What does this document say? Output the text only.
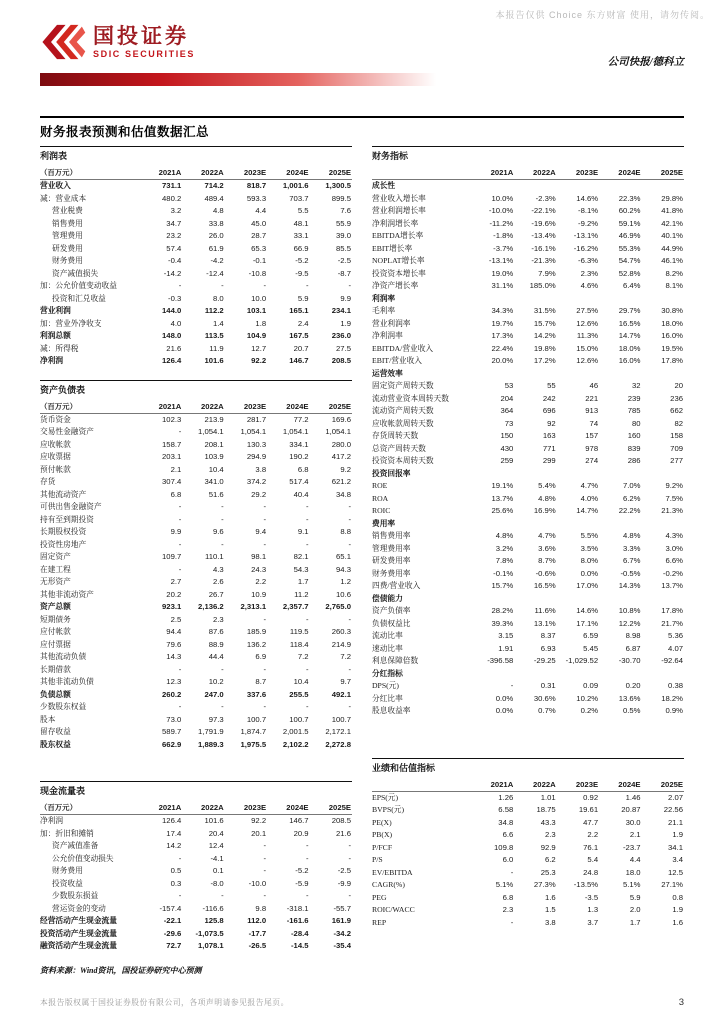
本报告仅供 Choice 东方财富 使用，请勿传阅。
国投证券
SDIC SECURITIES
公司快报/德科立
财务报表预测和估值数据汇总
利润表					
（百万元）	2021A	2022A	2023E	2024E	2025E
营业收入	731.1	714.2	818.7	1,001.6	1,300.5
减：营业成本	480.2	489.4	593.3	703.7	899.5
营业税费	3.2	4.8	4.4	5.5	7.6
销售费用	34.7	33.8	45.0	48.1	55.9
管理费用	23.2	26.0	28.7	33.1	39.0
研发费用	57.4	61.9	65.3	66.9	85.5
财务费用	-0.4	-4.2	-0.1	-5.2	-2.5
资产减值损失	-14.2	-12.4	-10.8	-9.5	-8.7
加：公允价值变动收益	-	-	-	-	-
投资和汇兑收益	-0.3	8.0	10.0	5.9	9.9
营业利润	144.0	112.2	103.1	165.1	234.1
加：营业外净收支	4.0	1.4	1.8	2.4	1.9
利润总额	148.0	113.5	104.9	167.5	236.0
减：所得税	21.6	11.9	12.7	20.7	27.5
净利润	126.4	101.6	92.2	146.7	208.5
资产负债表					
（百万元）	2021A	2022A	2023E	2024E	2025E
货币资金	102.3	213.9	281.7	77.2	169.6
交易性金融资产	-	1,054.1	1,054.1	1,054.1	1,054.1
应收帐款	158.7	208.1	130.3	334.1	280.0
应收票据	203.1	103.9	294.9	190.2	417.2
预付帐款	2.1	10.4	3.8	6.8	9.2
存货	307.4	341.0	374.2	517.4	621.2
其他流动资产	6.8	51.6	29.2	40.4	34.8
可供出售金融资产	-	-	-	-	-
持有至到期投资	-	-	-	-	-
长期股权投资	9.9	9.6	9.4	9.1	8.8
投资性房地产	-	-	-	-	-
固定资产	109.7	110.1	98.1	82.1	65.1
在建工程	-	4.3	24.3	54.3	94.3
无形资产	2.7	2.6	2.2	1.7	1.2
其他非流动资产	20.2	26.7	10.9	11.2	10.6
资产总额	923.1	2,136.2	2,313.1	2,357.7	2,765.0
短期债务	2.5	2.3	-	-	-
应付帐款	94.4	87.6	185.9	119.5	260.3
应付票据	79.6	88.9	136.2	118.4	214.9
其他流动负债	14.3	44.4	6.9	7.2	7.2
长期借款	-	-	-	-	-
其他非流动负债	12.3	10.2	8.7	10.4	9.7
负债总额	260.2	247.0	337.6	255.5	492.1
少数股东权益	-	-	-	-	-
股本	73.0	97.3	100.7	100.7	100.7
留存收益	589.7	1,791.9	1,874.7	2,001.5	2,172.1
股东权益	662.9	1,889.3	1,975.5	2,102.2	2,272.8
现金流量表					
（百万元）	2021A	2022A	2023E	2024E	2025E
净利润	126.4	101.6	92.2	146.7	208.5
加：折旧和摊销	17.4	20.4	20.1	20.9	21.6
资产减值准备	14.2	12.4	-	-	-
公允价值变动损失	-	-4.1	-	-	-
财务费用	0.5	0.1	-	-5.2	-2.5
投资收益	0.3	-8.0	-10.0	-5.9	-9.9
少数股东损益	-	-	-	-	-
营运资金的变动	-157.4	-116.6	9.8	-318.1	-55.7
经营活动产生现金流量	-22.1	125.8	112.0	-161.6	161.9
投资活动产生现金流量	-29.6	-1,073.5	-17.7	-28.4	-34.2
融资活动产生现金流量	72.7	1,078.1	-26.5	-14.5	-35.4
资料来源：Wind资讯，国投证券研究中心预测
财务指标					
	2021A	2022A	2023E	2024E	2025E
成长性					
营业收入增长率	10.0%	-2.3%	14.6%	22.3%	29.8%
营业利润增长率	-10.0%	-22.1%	-8.1%	60.2%	41.8%
净利润增长率	-11.2%	-19.6%	-9.2%	59.1%	42.1%
EBITDA增长率	-1.8%	-13.4%	-13.1%	46.9%	40.1%
EBIT增长率	-3.7%	-16.1%	-16.2%	55.3%	44.9%
NOPLAT增长率	-13.1%	-21.3%	-6.3%	54.7%	46.1%
投资资本增长率	19.0%	7.9%	2.3%	52.8%	8.2%
净资产增长率	31.1%	185.0%	4.6%	6.4%	8.1%
利润率					
毛利率	34.3%	31.5%	27.5%	29.7%	30.8%
营业利润率	19.7%	15.7%	12.6%	16.5%	18.0%
净利润率	17.3%	14.2%	11.3%	14.7%	16.0%
EBITDA/营业收入	22.4%	19.8%	15.0%	18.0%	19.5%
EBIT/营业收入	20.0%	17.2%	12.6%	16.0%	17.8%
运营效率					
固定资产周转天数	53	55	46	32	20
流动营业资本周转天数	204	242	221	239	236
流动资产周转天数	364	696	913	785	662
应收帐款周转天数	73	92	74	80	82
存货周转天数	150	163	157	160	158
总资产周转天数	430	771	978	839	709
投资资本周转天数	259	299	274	286	277
投资回报率					
ROE	19.1%	5.4%	4.7%	7.0%	9.2%
ROA	13.7%	4.8%	4.0%	6.2%	7.5%
ROIC	25.6%	16.9%	14.7%	22.2%	21.3%
费用率					
销售费用率	4.8%	4.7%	5.5%	4.8%	4.3%
管理费用率	3.2%	3.6%	3.5%	3.3%	3.0%
研发费用率	7.8%	8.7%	8.0%	6.7%	6.6%
财务费用率	-0.1%	-0.6%	0.0%	-0.5%	-0.2%
四费/营业收入	15.7%	16.5%	17.0%	14.3%	13.7%
偿债能力					
资产负债率	28.2%	11.6%	14.6%	10.8%	17.8%
负债权益比	39.3%	13.1%	17.1%	12.2%	21.7%
流动比率	3.15	8.37	6.59	8.98	5.36
速动比率	1.91	6.93	5.45	6.87	4.07
利息保障倍数	-396.58	-29.25	-1,029.52	-30.70	-92.64
分红指标					
DPS(元)	-	0.31	0.09	0.20	0.38
分红比率	0.0%	30.6%	10.2%	13.6%	18.2%
股息收益率	0.0%	0.7%	0.2%	0.5%	0.9%
业绩和估值指标					
	2021A	2022A	2023E	2024E	2025E
EPS(元)	1.26	1.01	0.92	1.46	2.07
BVPS(元)	6.58	18.75	19.61	20.87	22.56
PE(X)	34.8	43.3	47.7	30.0	21.1
PB(X)	6.6	2.3	2.2	2.1	1.9
P/FCF	109.8	92.9	76.1	-23.7	34.1
P/S	6.0	6.2	5.4	4.4	3.4
EV/EBITDA	-	25.3	24.8	18.0	12.5
CAGR(%)	5.1%	27.3%	-13.5%	5.1%	27.1%
PEG	6.8	1.6	-3.5	5.9	0.8
ROIC/WACC	2.3	1.5	1.3	2.0	1.9
REP	-	3.8	3.7	1.7	1.6
本报告版权属于国投证券股份有限公司，各项声明请参见报告尾页。	3
